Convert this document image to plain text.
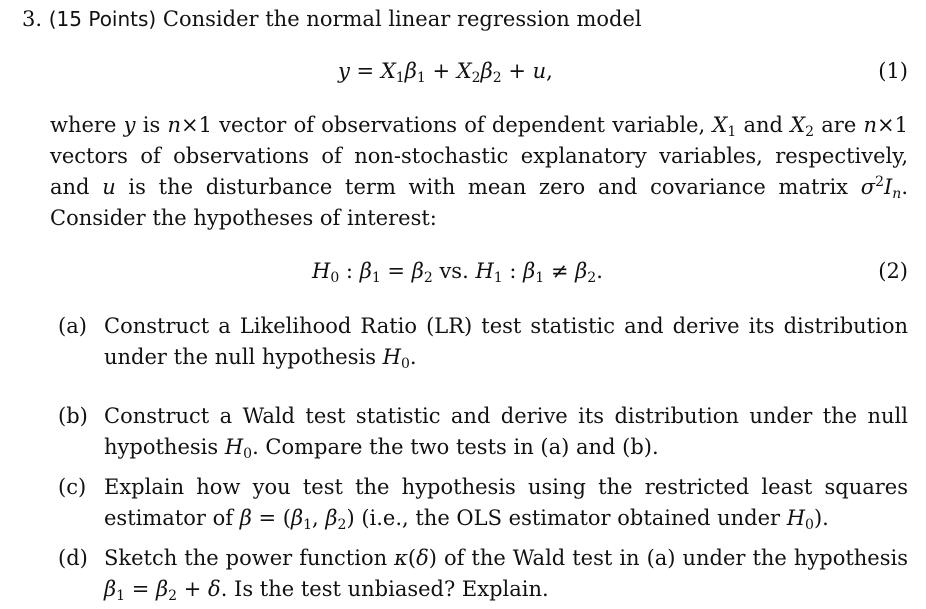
3. (15 Points) Consider the normal linear regression model
$y = X_1\beta_1 + X_2\beta_2 + u$,	(1)
where y is n×1 vector of observations of dependent variable, $X_1$ and $X_2$ are n×1 vectors of observations of non-stochastic explanatory variables, respectively, and u is the disturbance term with mean zero and covariance matrix $\sigma^2I_n$. Consider the hypotheses of interest:
$H_0$ : $\beta_1 = \beta_2$ vs. $H_1$ : $\beta_1 \ne \beta_2$.	(2)
(a) Construct a Likelihood Ratio (LR) test statistic and derive its distribution under the null hypothesis $H_0$.
(b) Construct a Wald test statistic and derive its distribution under the null hypothesis $H_0$. Compare the two tests in (a) and (b).
(c) Explain how you test the hypothesis using the restricted least squares estimator of $\beta = (\beta_1$, $\beta_2$) (i.e., the OLS estimator obtained under $H_0$).
(d) Sketch the power function κ(δ) of the Wald test in (a) under the hypothesis $\beta_1 = \beta_2 + \delta$. Is the test unbiased? Explain.
